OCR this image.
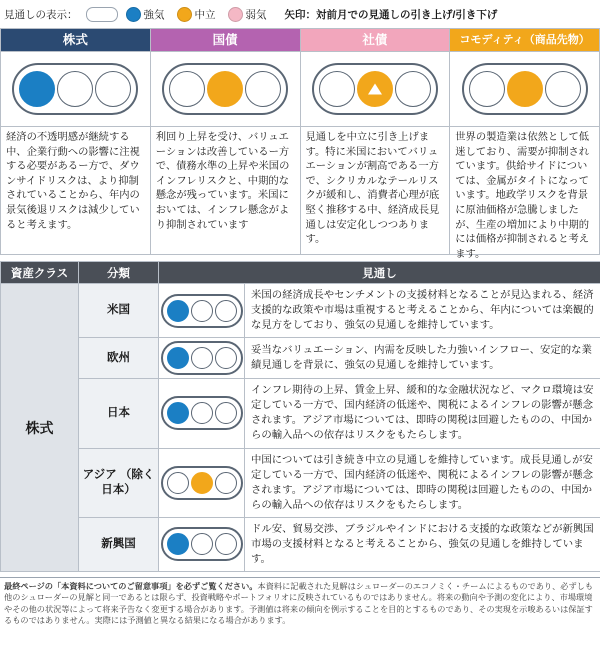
見通しの表示：	強気	中立	弱気 矢印：対前月での見通しの引き上げ/引き下げ
株式
経済の不透明感が継続する中、企業行動への影響に注視する必要があるー方で、ダウンサイドリスクは、より抑制されていることから、年内の景気後退リスクは減少していると考えます。
国債
利回り上昇を受け、バリュエーションは改善しているー方で、債務水準の上昇や米国のインフレリスクと、中期的な懸念が残っています。米国においては、インフレ懸念がより抑制されています
社債
見通しを中立に引き上げます。特に米国においてバリュエーションが割高である一方で、シクリカルなテールリスクが緩和し、消費者心理が底堅く推移する中、経済成長見通しは安定化しつつあります。
コモディティ（商品先物）
世界の製造業は依然として低迷しており、需要が抑制されています。供給サイドについては、金属がタイトになっています。地政学リスクを背景に原油価格が急騰しましたが、生産の増加により中期的には価格が抑制されると考えます。
資産クラス	分類	見通し	
株式	米国		米国の経済成長やセンチメントの支援材料となることが見込まれる、経済支援的な政策や市場は重視すると考えることから、年内については楽観的な見方をしており、強気の見通しを維持しています。
	欧州		妥当なバリュエーション、内需を反映した力強いインフロー、安定的な業績見通しを背景に、強気の見通しを維持しています。
	日本		インフレ期待の上昇、賃金上昇、緩和的な金融状況など、マクロ環境は安定している一方で、国内経済の低迷や、関税によるインフレの影響が懸念されます。アジア市場については、即時の関税は回避したものの、中国からの輸入品への依存はリスクをもたらします。
	アジア （除く日本）		中国については引き続き中立の見通しを維持しています。成長見通しが安定している一方で、国内経済の低迷や、関税によるインフレの影響が懸念されます。アジア市場については、即時の関税は回避したものの、中国からの輸入品への依存はリスクをもたらします。
	新興国		ドル安、貿易交渉、ブラジルやインドにおける支援的な政策などが新興国市場の支援材料となると考えることから、強気の見通しを維持しています。
最終ページの「本資料についてのご留意事項」を必ずご覧ください。本資料に記載された見解はシュローダーのエコノミく・チームによるものであり、必ずしも他のシュローダーの見解と同一であるとは限らず、投資戦略やポートフォリオに反映されているものではありません。将来の動向や予測の変化により、市場環境やその他の状況等によって将来予告なく変更する場合があります。予測値は将来の傾向を例示することを目的とするものであり、その実現を示唆あるいは保証するものではありません。実際には予測値と異なる結果になる場合があります。
